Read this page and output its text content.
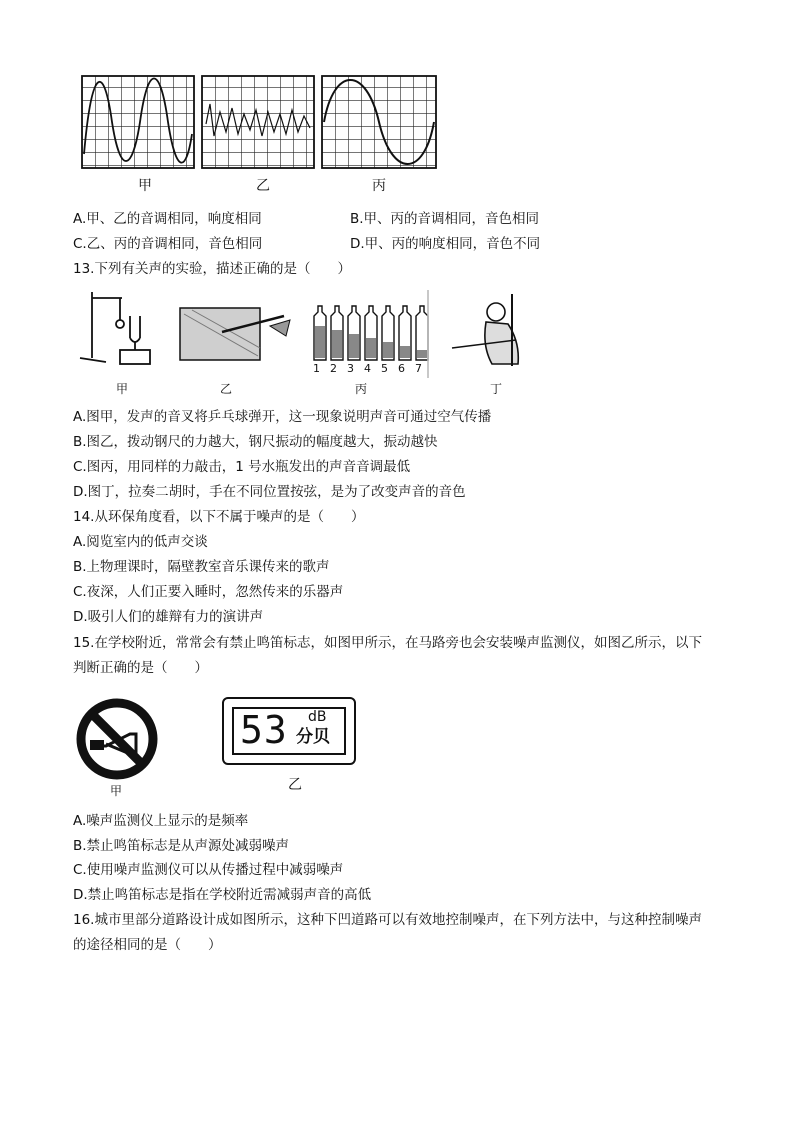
甲	乙	丙
A.甲、乙的音调相同，响度相同	B.甲、丙的音调相同，音色相同
C.乙、丙的音调相同，音色相同	D.甲、丙的响度相同，音色不同
13.下列有关声的实验，描述正确的是（　　）
甲	乙	丙	丁
1 2 3 4 5 6 7
A.图甲，发声的音叉将乒乓球弹开，这一现象说明声音可通过空气传播
B.图乙，拨动钢尺的力越大，钢尺振动的幅度越大，振动越快
C.图丙，用同样的力敲击，1 号水瓶发出的声音音调最低
D.图丁，拉奏二胡时，手在不同位置按弦，是为了改变声音的音色
14.从环保角度看，以下不属于噪声的是（　　）
A.阅览室内的低声交谈
B.上物理课时，隔壁教室音乐课传来的歌声
C.夜深，人们正要入睡时，忽然传来的乐器声
D.吸引人们的雄辩有力的演讲声
15.在学校附近，常常会有禁止鸣笛标志，如图甲所示，在马路旁也会安装噪声监测仪，如图乙所示，以下
判断正确的是（　　）
甲
53 dB
分贝
乙
A.噪声监测仪上显示的是频率
B.禁止鸣笛标志是从声源处减弱噪声
C.使用噪声监测仪可以从传播过程中减弱噪声
D.禁止鸣笛标志是指在学校附近需减弱声音的高低
16.城市里部分道路设计成如图所示，这种下凹道路可以有效地控制噪声，在下列方法中，与这种控制噪声
的途径相同的是（　　）
